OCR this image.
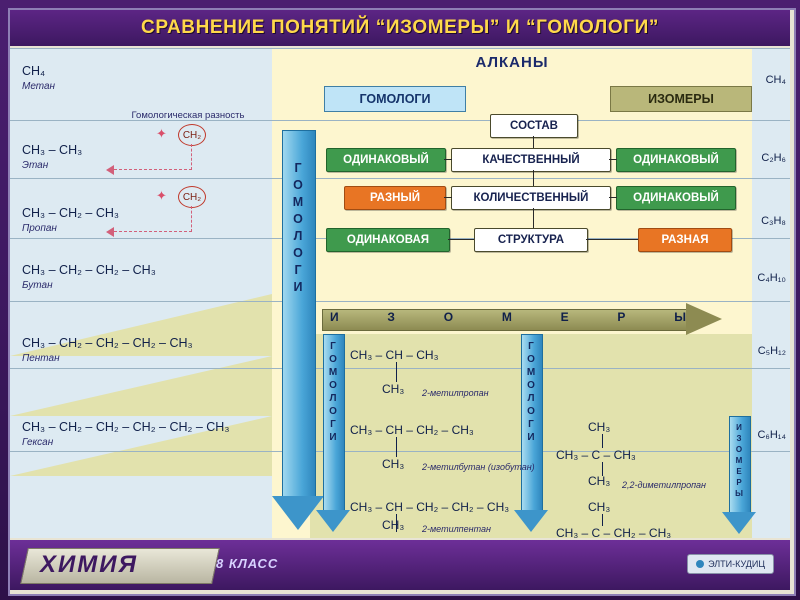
СРАВНЕНИЕ ПОНЯТИЙ “ИЗОМЕРЫ” И “ГОМОЛОГИ”
АЛКАНЫ
Гомологическая разность
CH₄
Метан
CH₃ – CH₃
Этан
CH₃ – CH₂ – CH₃
Пропан
CH₃ – CH₂ – CH₂ – CH₃
Бутан
CH₃ – CH₂ – CH₂ – CH₂ – CH₃
Пентан
CH₃ – CH₂ – CH₂ – CH₂ – CH₂ – CH₃
Гексан
✦ CH₂
✦ CH₂
CH₄
C₂H₆
C₃H₈
C₄H₁₀
C₅H₁₂
C₆H₁₄
Г
О
М
О
Л
О
Г
И
Г
О
М
О
Л
О
Г
И
Г
О
М
О
Л
О
Г
И
И
З
О
М
Е
Р
Ы
ГОМОЛОГИ	ИЗОМЕРЫ
СОСТАВ
КАЧЕСТВЕННЫЙ
ОДИНАКОВЫЙ	ОДИНАКОВЫЙ
КОЛИЧЕСТВЕННЫЙ
РАЗНЫЙ	ОДИНАКОВЫЙ
СТРУКТУРА
ОДИНАКОВАЯ	РАЗНАЯ
И	З	О	М	Е	Р	Ы
CH₃ – CH – CH₃
CH₃ 2-метилпропан
CH₃ – CH – CH₂ – CH₃
CH₃ 2-метилбутан (изобутан)
CH₃ – CH – CH₂ – CH₂ – CH₃
CH₃ 2-метилпентан
CH₃
CH₃ – C – CH₃
CH₃ 2,2-диметилпропан
CH₃
CH₃ – C – CH₂ – CH₃
ХИМИЯ	8 КЛАСС	ЭЛТИ-КУДИЦ
